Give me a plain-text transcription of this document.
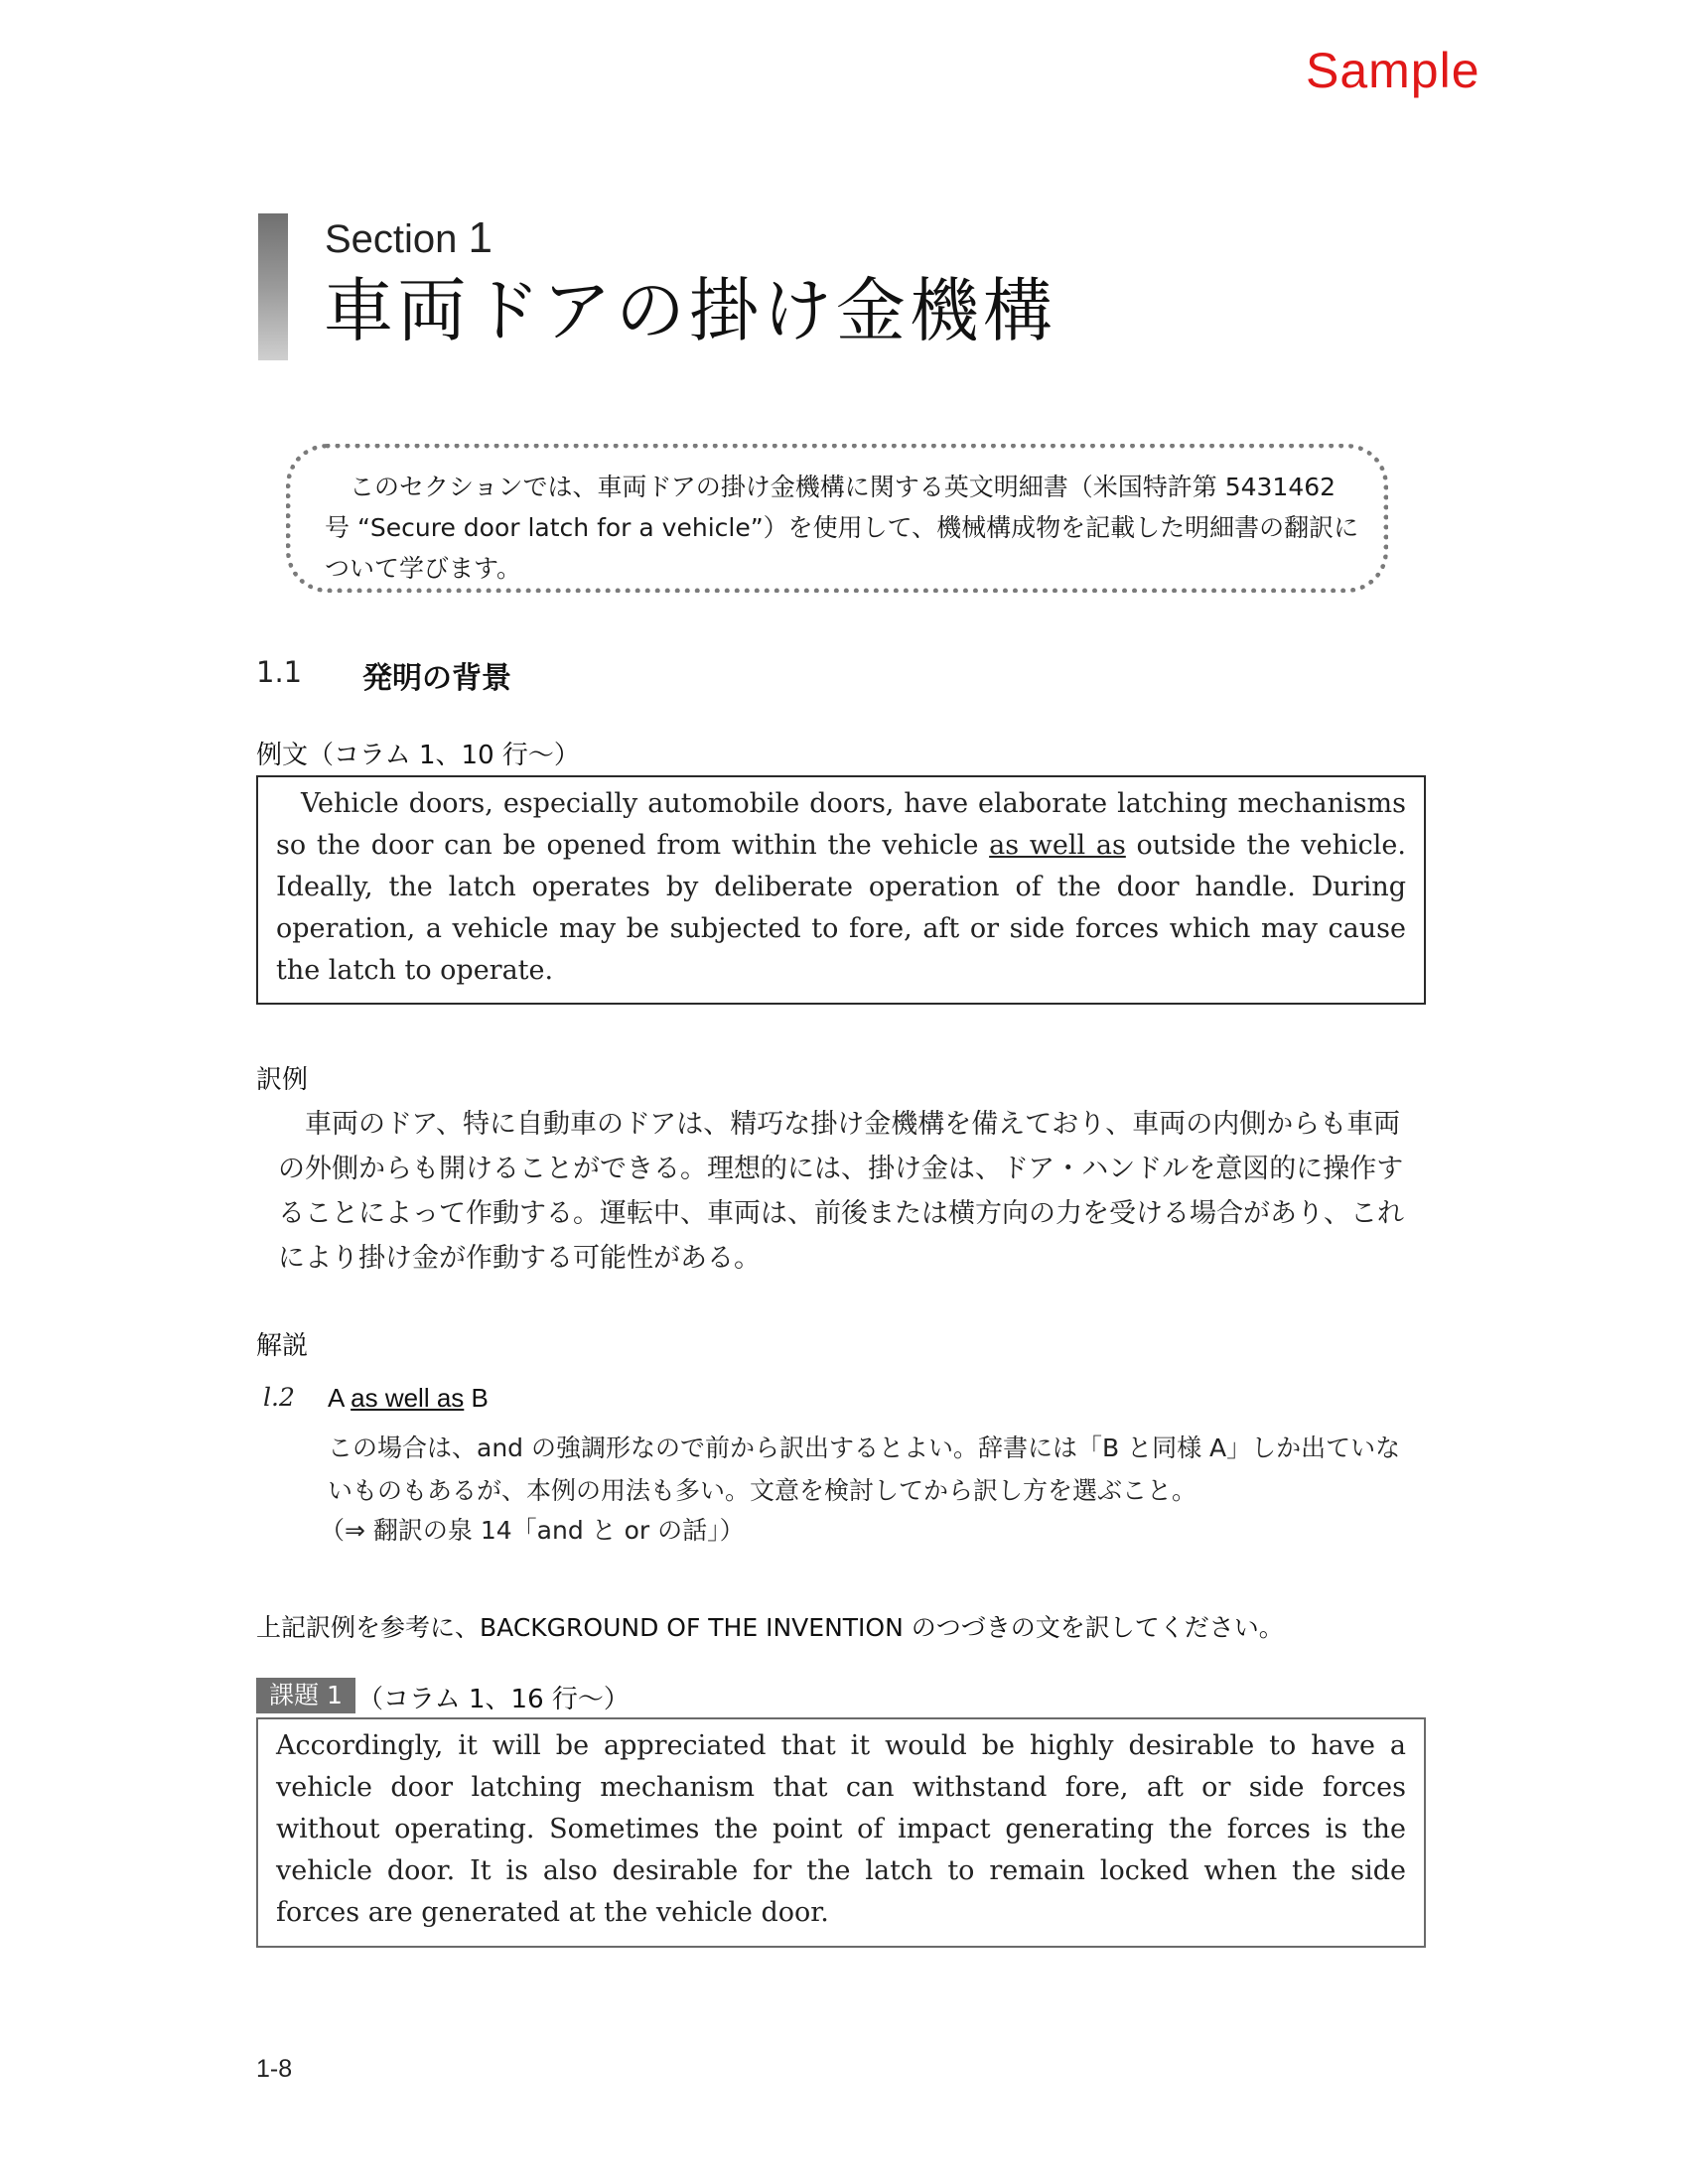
Sample
Section 1
車両ドアの掛け金機構
このセクションでは、車両ドアの掛け金機構に関する英文明細書（米国特許第 5431462 号 “Secure door latch for a vehicle”）を使用して、機械構成物を記載した明細書の翻訳について学びます。
1.1 発明の背景
例文（コラム 1、10 行〜）
Vehicle doors, especially automobile doors, have elaborate latching mechanisms so the door can be opened from within the vehicle as well as outside the vehicle. Ideally, the latch operates by deliberate operation of the door handle. During operation, a vehicle may be subjected to fore, aft or side forces which may cause the latch to operate.
訳例
車両のドア、特に自動車のドアは、精巧な掛け金機構を備えており、車両の内側からも車両の外側からも開けることができる。理想的には、掛け金は、ドア・ハンドルを意図的に操作することによって作動する。運転中、車両は、前後または横方向の力を受ける場合があり、これにより掛け金が作動する可能性がある。
解説
l.2 A as well as B
この場合は、and の強調形なので前から訳出するとよい。辞書には「B と同様 A」しか出ていないものもあるが、本例の用法も多い。文意を検討してから訳し方を選ぶこと。
（⇒ 翻訳の泉 14「and と or の話」）
上記訳例を参考に、BACKGROUND OF THE INVENTION のつづきの文を訳してください。
課題 1 （コラム 1、16 行〜）
Accordingly, it will be appreciated that it would be highly desirable to have a vehicle door latching mechanism that can withstand fore, aft or side forces without operating. Sometimes the point of impact generating the forces is the vehicle door. It is also desirable for the latch to remain locked when the side forces are generated at the vehicle door.
1-8
